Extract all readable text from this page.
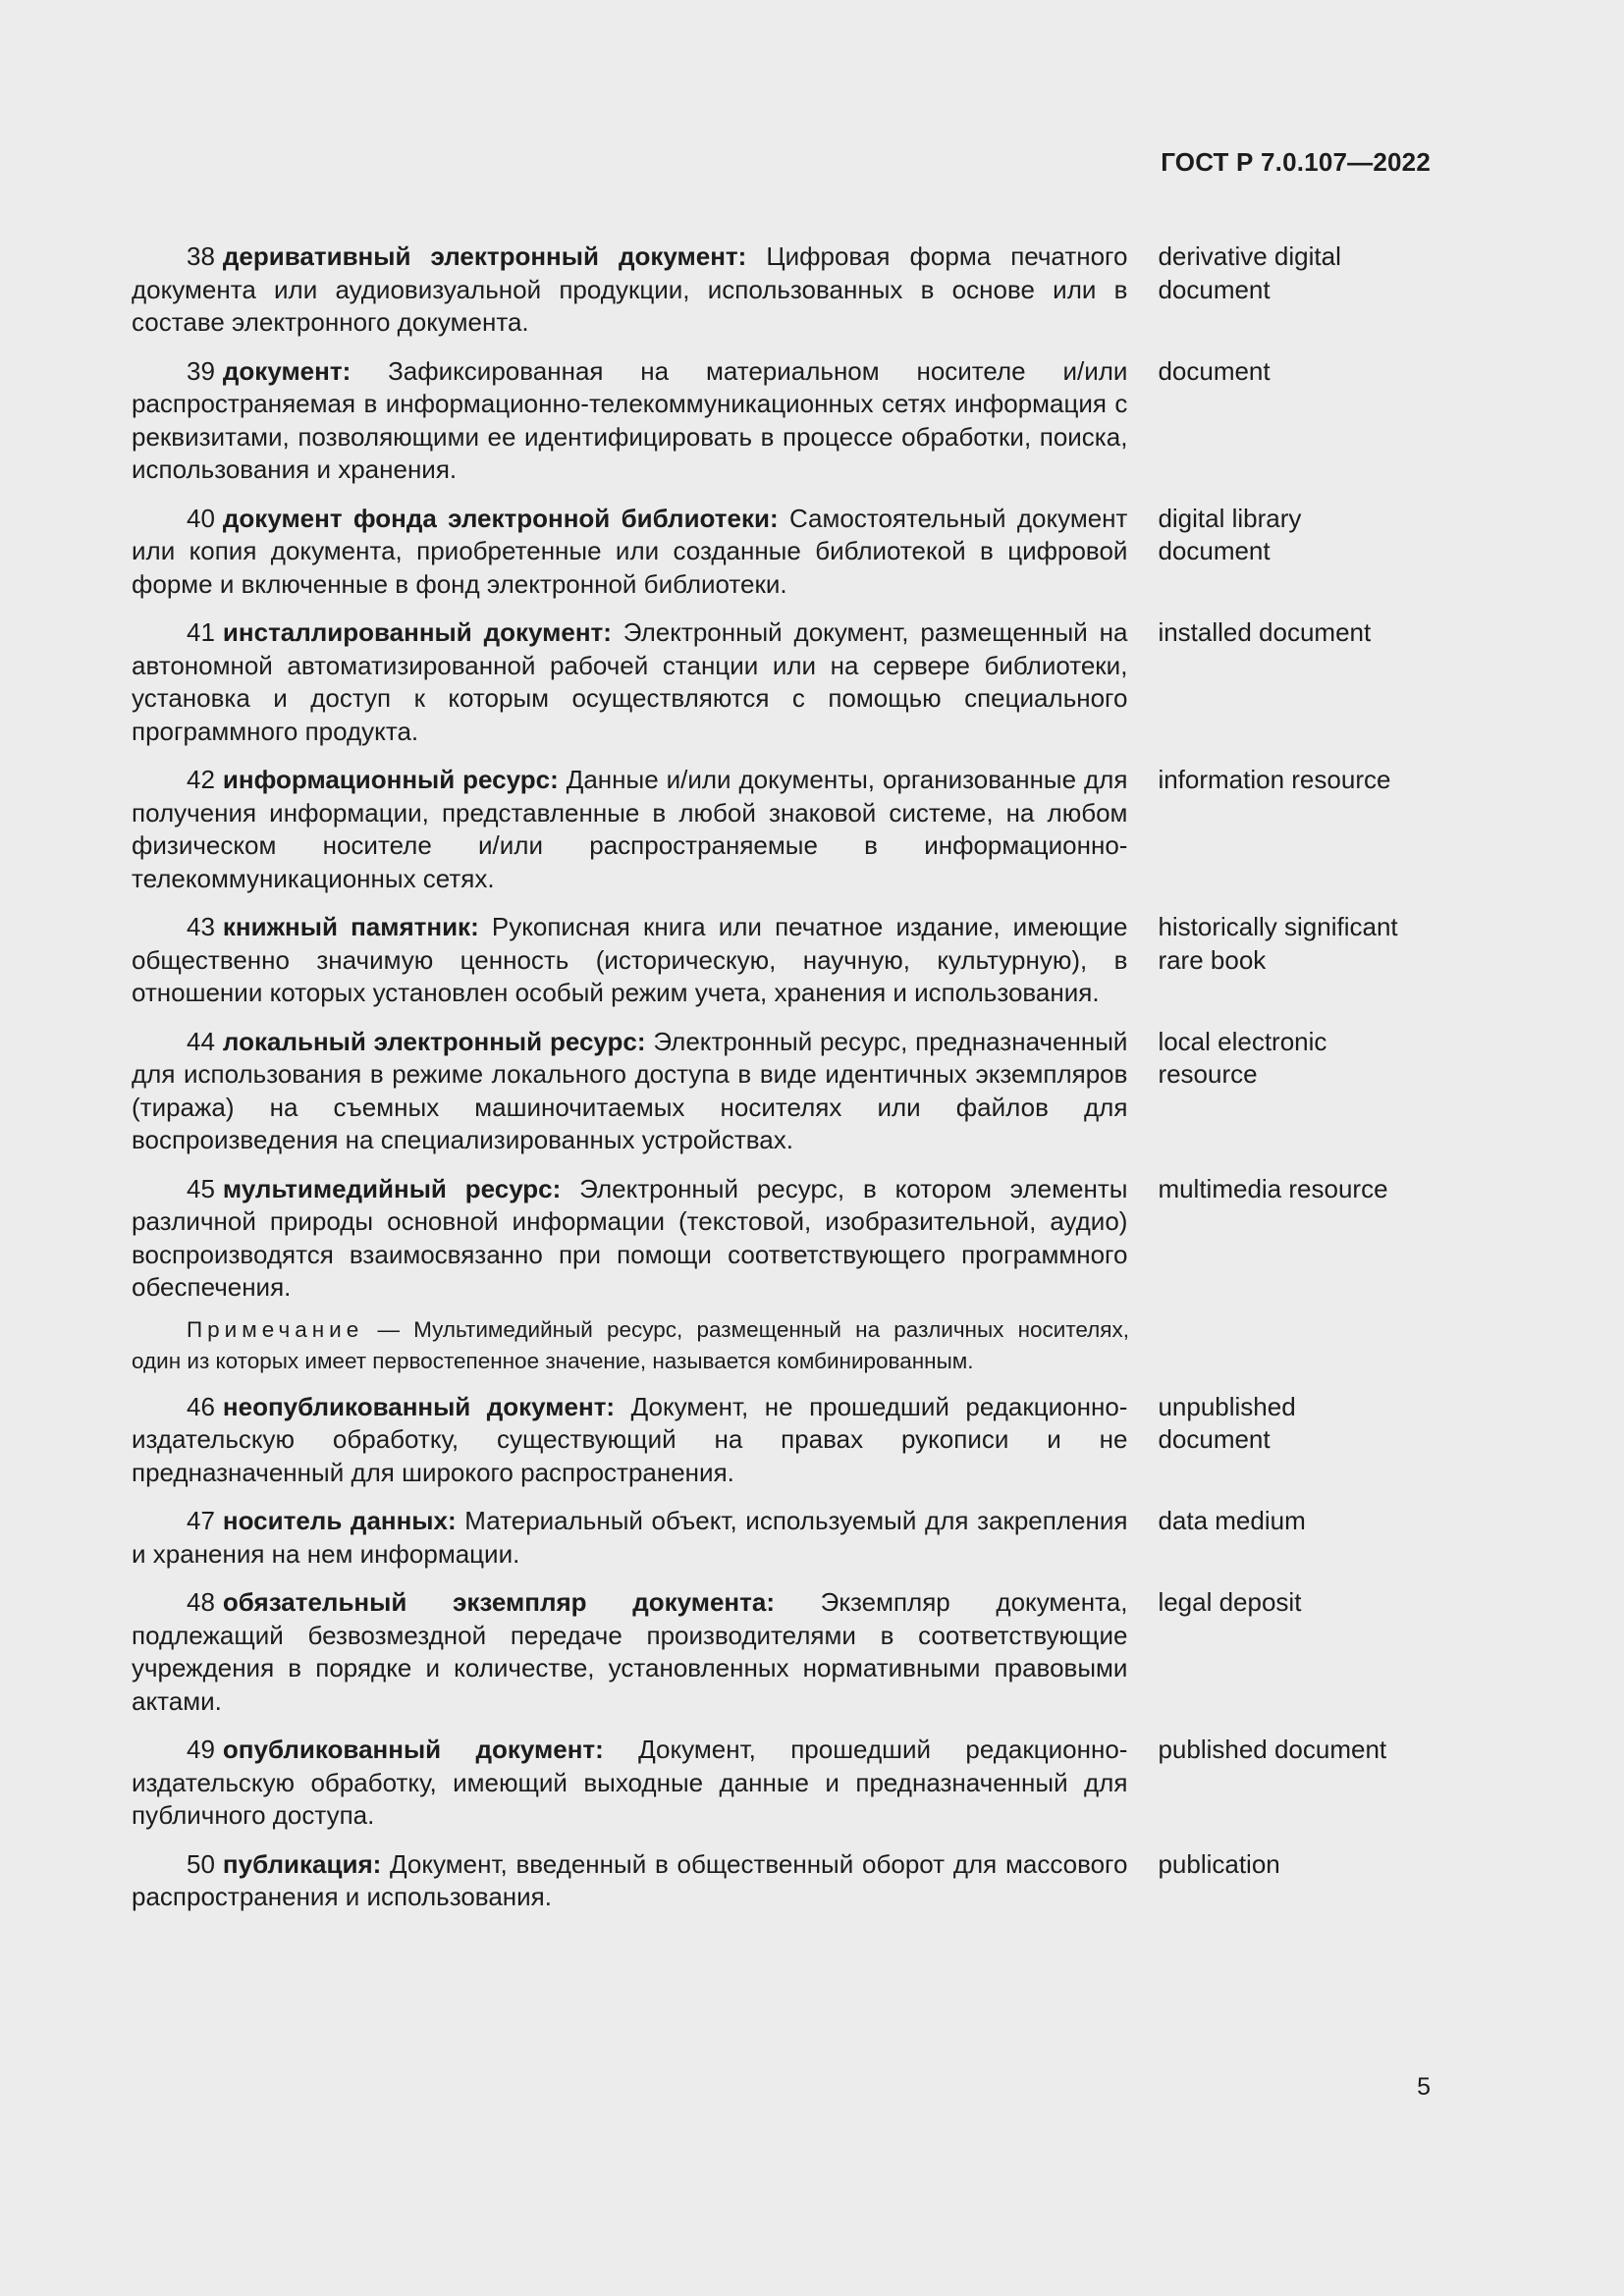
ГОСТ Р 7.0.107—2022
38 деривативный электронный документ: Цифровая форма печатного документа или аудиовизуальной продукции, использованных в основе или в составе электронного документа.
derivative digital
document
39 документ: Зафиксированная на материальном носителе и/или распространяемая в информационно-телекоммуникационных сетях информация с реквизитами, позволяющими ее идентифицировать в процессе обработки, поиска, использования и хранения.
document
40 документ фонда электронной библиотеки: Самостоятельный документ или копия документа, приобретенные или созданные библиотекой в цифровой форме и включенные в фонд электронной библиотеки.
digital library
document
41 инсталлированный документ: Электронный документ, размещенный на автономной автоматизированной рабочей станции или на сервере библиотеки, установка и доступ к которым осуществляются с помощью специального программного продукта.
installed document
42 информационный ресурс: Данные и/или документы, организованные для получения информации, представленные в любой знаковой системе, на любом физическом носителе и/или распространяемые в информационно-телекоммуникационных сетях.
information resource
43 книжный памятник: Рукописная книга или печатное издание, имеющие общественно значимую ценность (историческую, научную, культурную), в отношении которых установлен особый режим учета, хранения и использования.
historically significant
rare book
44 локальный электронный ресурс: Электронный ресурс, предназначенный для использования в режиме локального доступа в виде идентичных экземпляров (тиража) на съемных машиночитаемых носителях или файлов для воспроизведения на специализированных устройствах.
local electronic
resource
45 мультимедийный ресурс: Электронный ресурс, в котором элементы различной природы основной информации (текстовой, изобразительной, аудио) воспроизводятся взаимосвязанно при помощи соответствующего программного обеспечения.
multimedia resource
Примечание — Мультимедийный ресурс, размещенный на различных носителях, один из которых имеет первостепенное значение, называется комбинированным.
46 неопубликованный документ: Документ, не прошедший редакционно-издательскую обработку, существующий на правах рукописи и не предназначенный для широкого распространения.
unpublished
document
47 носитель данных: Материальный объект, используемый для закрепления и хранения на нем информации.
data medium
48 обязательный экземпляр документа: Экземпляр документа, подлежащий безвозмездной передаче производителями в соответствующие учреждения в порядке и количестве, установленных нормативными правовыми актами.
legal deposit
49 опубликованный документ: Документ, прошедший редакционно-издательскую обработку, имеющий выходные данные и предназначенный для публичного доступа.
published document
50 публикация: Документ, введенный в общественный оборот для массового распространения и использования.
publication
5
